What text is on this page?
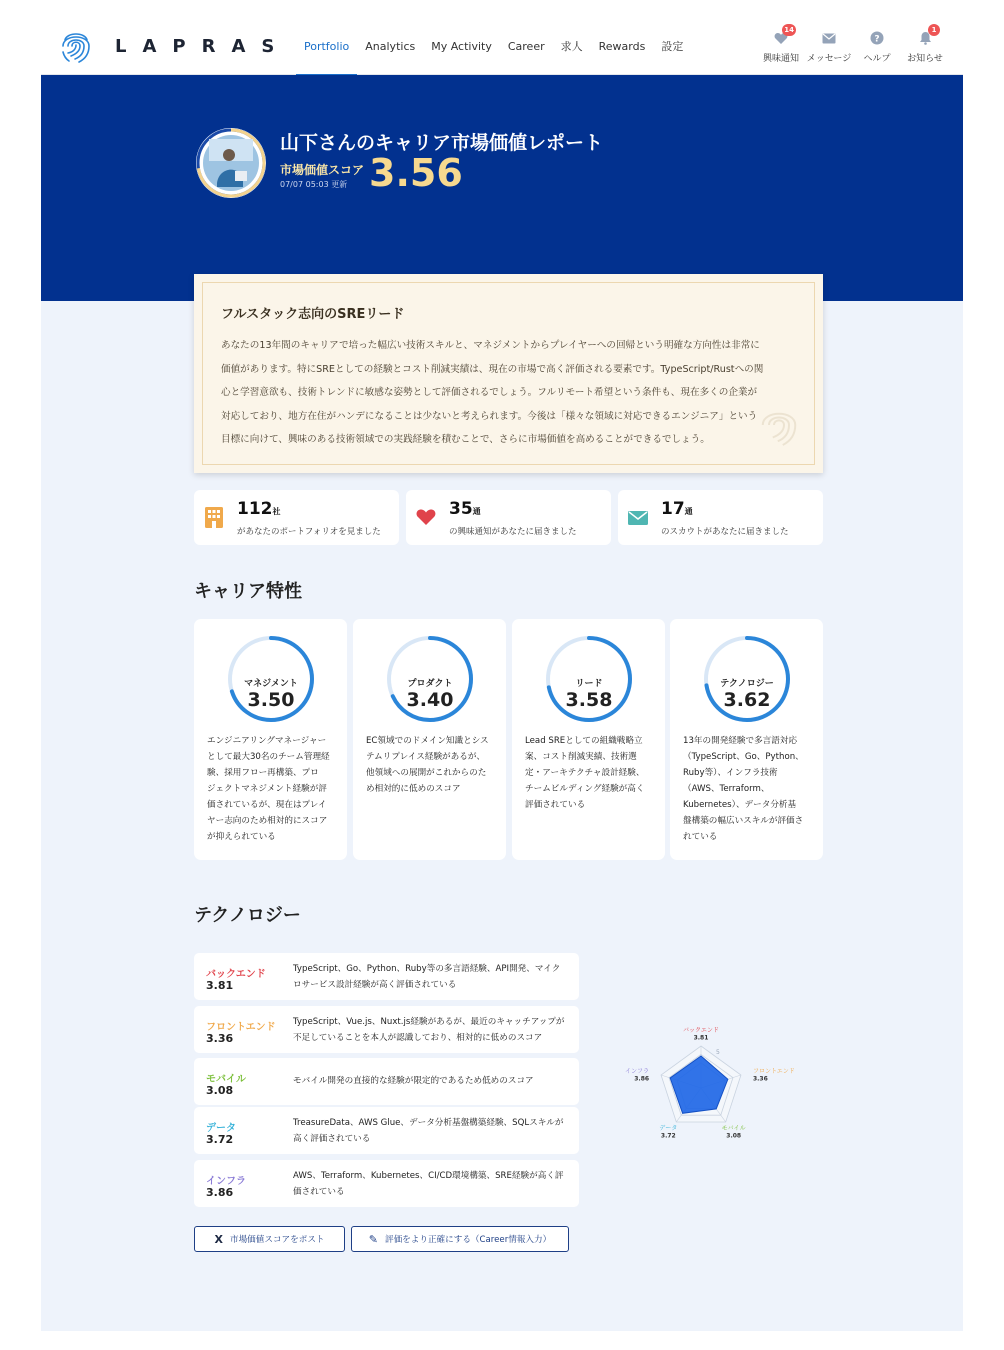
LAPRAS	Portfolio	Analytics	My Activity	Career	求人	Rewards	設定
14
興味通知 メッセージ
?
ヘルプ
1
お知らせ
山下さんのキャリア市場価値レポート
市場価値スコア
07/07 05:03 更新 3.56
フルスタック志向のSREリード
あなたの13年間のキャリアで培った幅広い技術スキルと、マネジメントからプレイヤーへの回帰という明確な方向性は非常に
価値があります。特にSREとしての経験とコスト削減実績は、現在の市場で高く評価される要素です。TypeScript/Rustへの関
心と学習意欲も、技術トレンドに敏感な姿勢として評価されるでしょう。フルリモート希望という条件も、現在多くの企業が
対応しており、地方在住がハンデになることは少ないと考えられます。今後は「様々な領域に対応できるエンジニア」という
目標に向けて、興味のある技術領域での実践経験を積むことで、さらに市場価値を高めることができるでしょう。
112社
があなたのポートフォリオを見ました
35通
の興味通知があなたに届きました
17通
のスカウトがあなたに届きました
キャリア特性
マネジメント
3.50
エンジニアリングマネージャー
として最大30名のチーム管理経
験、採用フロー再構築、プロ
ジェクトマネジメント経験が評
価されているが、現在はプレイ
ヤー志向のため相対的にスコア
が抑えられている
プロダクト
3.40
EC領域でのドメイン知識とシス
テムリプレイス経験があるが、
他領域への展開がこれからのた
め相対的に低めのスコア
リード
3.58
Lead SREとしての組織戦略立
案、コスト削減実績、技術選
定・アーキテクチャ設計経験、
チームビルディング経験が高く
評価されている
テクノロジー
3.62
13年の開発経験で多言語対応
（TypeScript、Go、Python、
Ruby等）、インフラ技術
（AWS、Terraform、
Kubernetes）、データ分析基
盤構築の幅広いスキルが評価さ
れている
テクノロジー
バックエンド
3.81
TypeScript、Go、Python、Ruby等の多言語経験、API開発、マイク
ロサービス設計経験が高く評価されている
フロントエンド
3.36
TypeScript、Vue.js、Nuxt.js経験があるが、最近のキャッチアップが
不足していることを本人が認識しており、相対的に低めのスコア
モバイル
3.08
モバイル開発の直接的な経験が限定的であるため低めのスコア
データ
3.72
TreasureData、AWS Glue、データ分析基盤構築経験、SQLスキルが
高く評価されている
インフラ
3.86
AWS、Terraform、Kubernetes、CI/CD環境構築、SRE経験が高く評
価されている
5
バックエンド
3.81
フロントエンド
3.36
モバイル
3.08
データ
3.72
インフラ
3.86
X 市場価値スコアをポスト	✎ 評価をより正確にする（Career情報入力）
